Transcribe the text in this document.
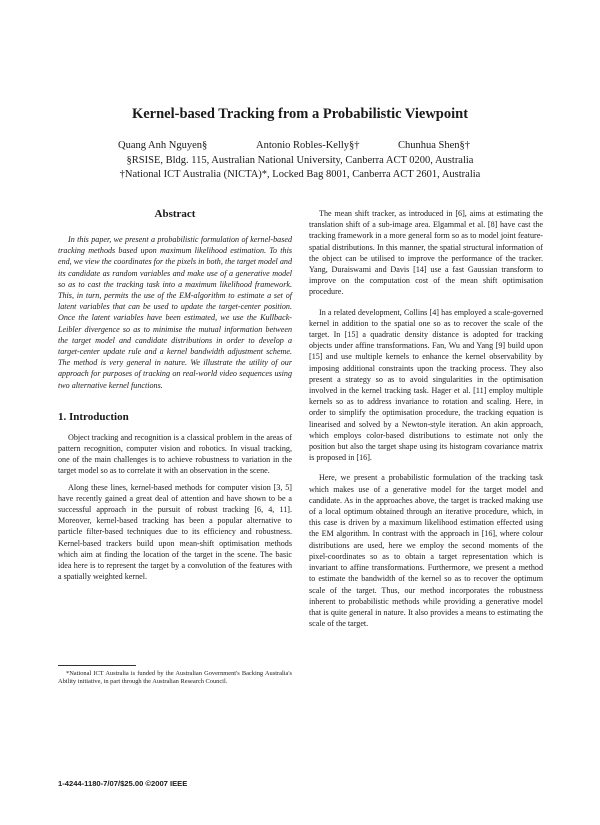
Kernel-based Tracking from a Probabilistic Viewpoint
Quang Anh Nguyen§	Antonio Robles-Kelly§†	Chunhua Shen§†
§RSISE, Bldg. 115, Australian National University, Canberra ACT 0200, Australia
†National ICT Australia (NICTA)*, Locked Bag 8001, Canberra ACT 2601, Australia
Abstract

In this paper, we present a probabilistic formulation of kernel-based tracking methods based upon maximum likelihood estimation. To this end, we view the coordinates for the pixels in both, the target model and its candidate as random variables and make use of a generative model so as to cast the tracking task into a maximum likelihood framework. This, in turn, permits the use of the EM-algorithm to estimate a set of latent variables that can be used to update the target-center position. Once the latent variables have been estimated, we use the Kullback-Leibler divergence so as to minimise the mutual information between the target model and candidate distributions in order to develop a target-center update rule and a kernel bandwidth adjustment scheme. The method is very general in nature. We illustrate the utility of our approach for purposes of tracking on real-world video sequences using two alternative kernel functions.

1. Introduction

Object tracking and recognition is a classical problem in the areas of pattern recognition, computer vision and robotics. In visual tracking, one of the main challenges is to achieve robustness to variation in the target model so as to correlate it with an observation in the scene.

Along these lines, kernel-based methods for computer vision [3, 5] have recently gained a great deal of attention and have shown to be a successful approach in the pursuit of robust tracking [6, 4, 11]. Moreover, kernel-based tracking has been a popular alternative to particle filter-based techniques due to its efficiency and robustness. Kernel-based trackers build upon mean-shift optimisation methods which aim at finding the location of the target in the scene. The basic idea here is to represent the target by a convolution of the features with a spatially weighted kernel.

*National ICT Australia is funded by the Australian Government's Backing Australia's Ability initiative, in part through the Australian Research Council.

The mean shift tracker, as introduced in [6], aims at estimating the translation shift of a sub-image area. Elgammal et al. [8] have cast the tracking framework in a more general form so as to model joint feature-spatial distributions. In this manner, the spatial structural information of the object can be utilised to improve the performance of the tracker. Yang, Duraiswami and Davis [14] use a fast Gaussian transform to improve on the computation cost of the mean shift optimisation procedure.

In a related development, Collins [4] has employed a scale-governed kernel in addition to the spatial one so as to recover the scale of the target. In [15] a quadratic density distance is adopted for tracking objects under affine transformations. Fan, Wu and Yang [9] build upon [15] and use multiple kernels to enhance the kernel observability by imposing additional constraints upon the tracking process. They also present a strategy so as to avoid singularities in the optimisation involved in the kernel tracking task. Hager et al. [11] employ multiple kernels so as to address invariance to rotation and scaling. Here, in order to simplify the optimisation procedure, the tracking equation is linearised and solved by a Newton-style iteration. An akin approach, which employs color-based distributions to estimate not only the position but also the target shape using its histogram covariance matrix is proposed in [16].

Here, we present a probabilistic formulation of the tracking task which makes use of a generative model for the target model and candidate. As in the approaches above, the target is tracked making use of a local optimum obtained through an iterative procedure, which, in this case is driven by a maximum likelihood estimation effected using the EM algorithm. In contrast with the approach in [16], where colour distributions are used, here we employ the second moments of the pixel-coordinates so as to obtain a target representation which is invariant to affine transformations. Furthermore, we present a method to estimate the bandwidth of the kernel so as to recover the optimum scale of the target. Thus, our method incorporates the robustness inherent to probabilistic methods while providing a generative model that is quite general in nature. It also provides a means to estimating the scale of the target.

1-4244-1180-7/07/$25.00 ©2007 IEEE
